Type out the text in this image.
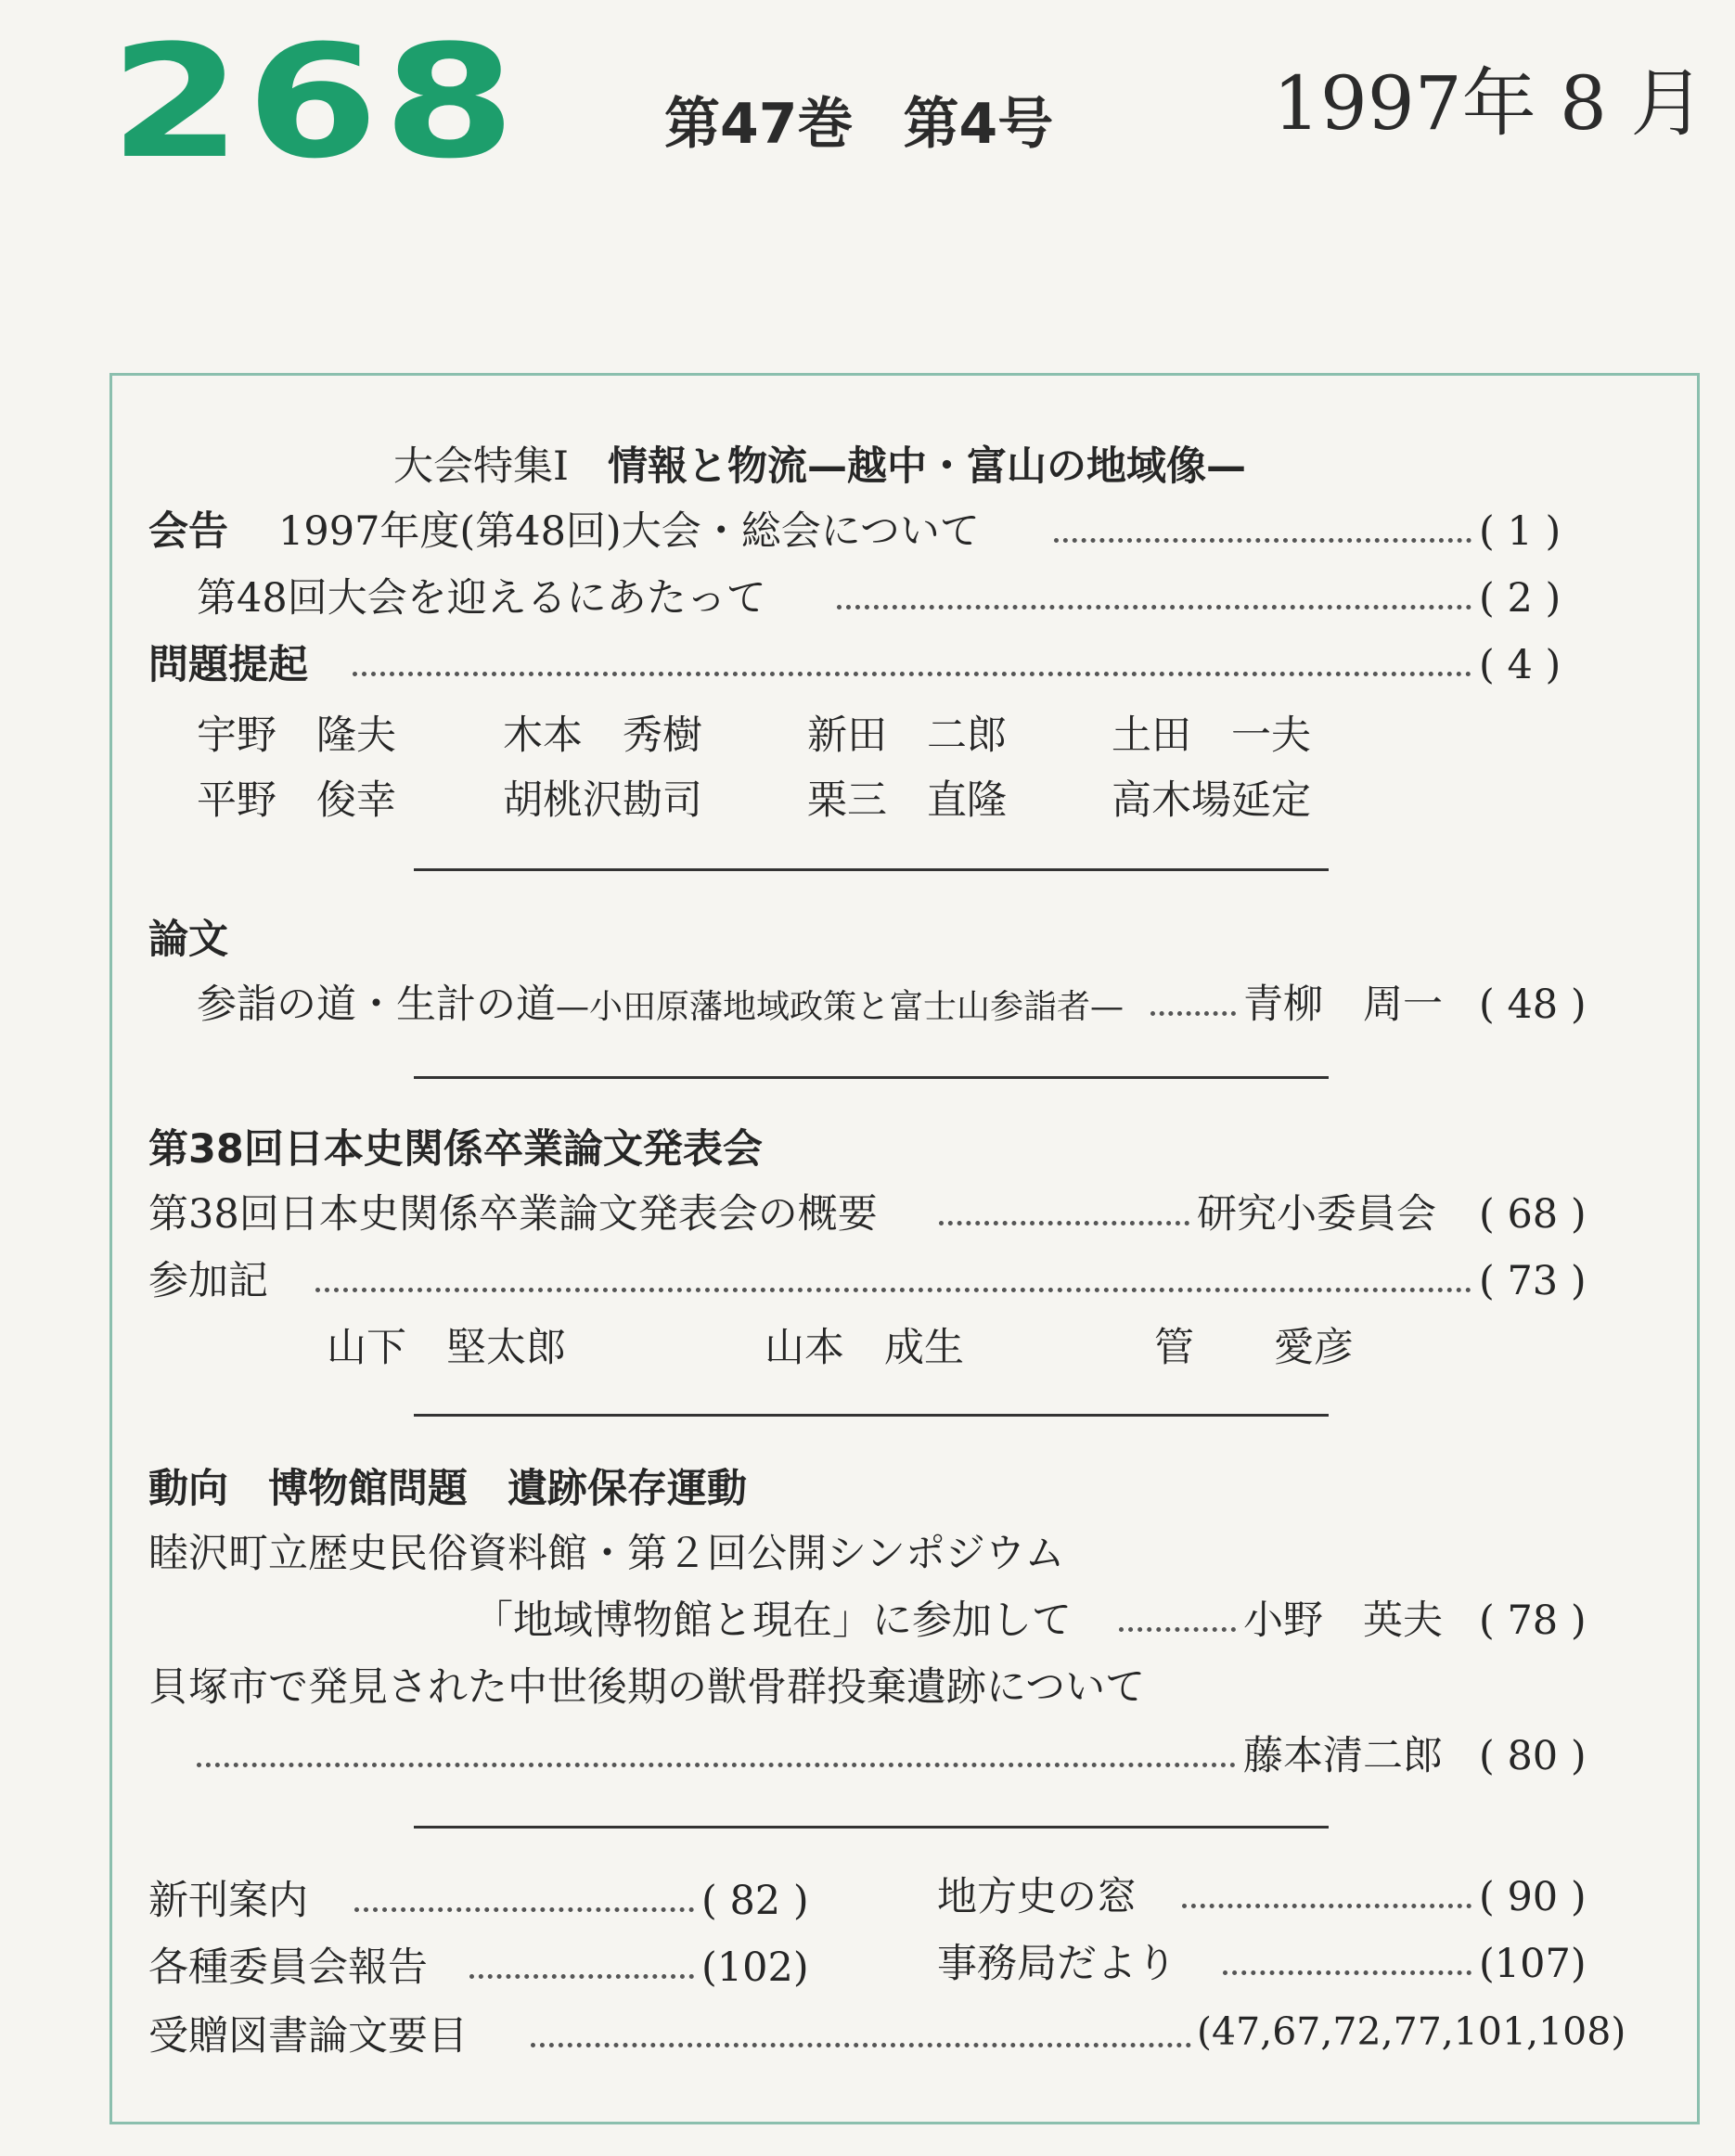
268	第47巻 第4号	1997年 8 月
大会特集Ⅰ 情報と物流—越中・富山の地域像—
会告 1997年度(第48回)大会・総会について	( 1 )
第48回大会を迎えるにあたって	( 2 )
問題提起	( 4 )
宇野　隆夫	木本　秀樹	新田　二郎	土田　一夫
平野　俊幸	胡桃沢勘司	栗三　直隆	高木場延定
論文
参詣の道・生計の道—小田原藩地域政策と富士山参詣者—	青柳　周一 ( 48 )
第38回日本史関係卒業論文発表会
第38回日本史関係卒業論文発表会の概要	研究小委員会 ( 68 )
参加記	( 73 )
山下　堅太郎	山本　成生	管　　愛彦
動向　博物館問題　遺跡保存運動
睦沢町立歴史民俗資料館・第２回公開シンポジウム
「地域博物館と現在」に参加して	小野　英夫 ( 78 )
貝塚市で発見された中世後期の獣骨群投棄遺跡について
藤本清二郎 ( 80 )
新刊案内	( 82 )	地方史の窓	( 90 )
各種委員会報告	(102)	事務局だより	(107)
受贈図書論文要目	(47,67,72,77,101,108)
